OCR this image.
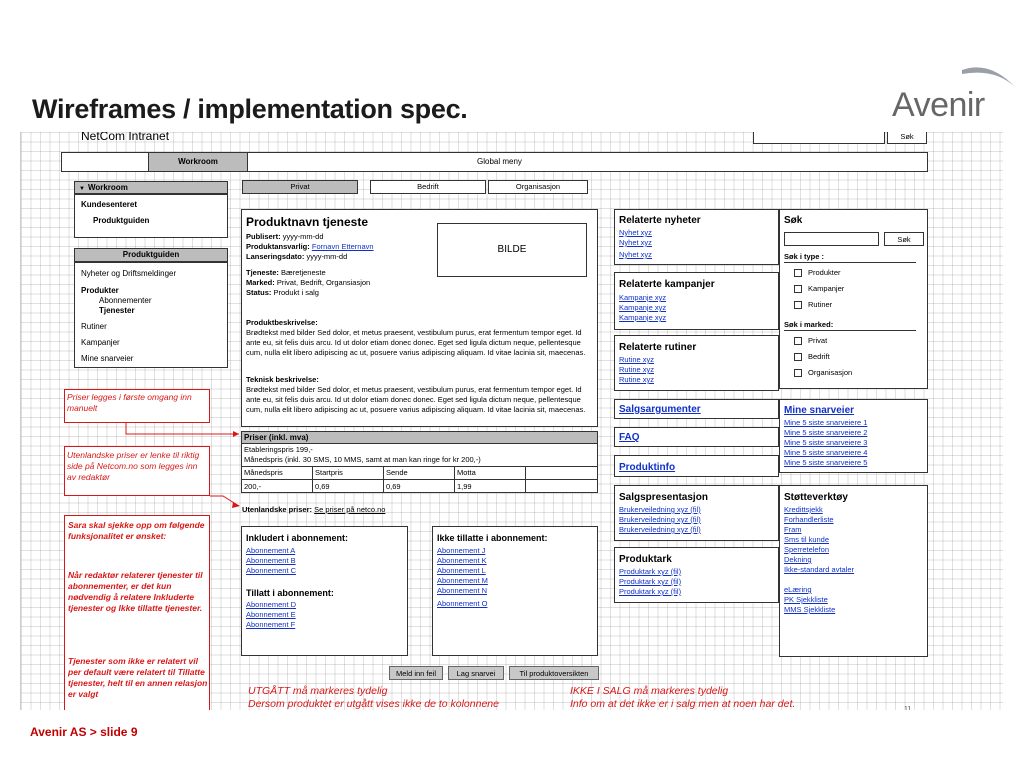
Wireframes / implementation spec.	Avenir
NetCom Intranet	Søk
Workroom	Global meny
Privat	Bedrift	Organisasjon
▼ Workroom
Kundesenteret
Produktguiden
Produktguiden
Nyheter og Driftsmeldinger
Produkter
Abonnementer
Tjenester
Rutiner
Kampanjer
Mine snarveier
Produktnavn tjeneste
Publisert: yyyy-mm-dd
Produktansvarlig: Fornavn Etternavn
Lanseringsdato: yyyy-mm-dd
BILDE
Tjeneste: Bæretjeneste
Marked: Privat, Bedrift, Organsiasjon
Status: Produkt i salg
Produktbeskrivelse:
Brødtekst med bilder Sed dolor, et metus praesent, vestibulum purus, erat fermentum tempor eget. Id ante eu, sit felis duis arcu. Id ut dolor etiam donec donec. Eget sed ligula dictum neque, pellentesque cum, nulla elit libero adipiscing ac ut, posuere varius adipiscing aliquam. Id vitae lacinia sit, maecenas.
Teknisk beskrivelse:
Brødtekst med bilder Sed dolor, et metus praesent, vestibulum purus, erat fermentum tempor eget. Id ante eu, sit felis duis arcu. Id ut dolor etiam donec donec. Eget sed ligula dictum neque, pellentesque cum, nulla elit libero adipiscing ac ut, posuere varius adipiscing aliquam. Id vitae lacinia sit, maecenas.
Priser (inkl. mva)
Etableringspris 199,-
Månedspris (inkl. 30 SMS, 10 MMS, samt at man kan ringe for kr 200,-)
Månedspris	Startpris	Sende	Motta
200,-	0,69	0,69	1,99
Utenlandske priser: Se priser på netco.no
Inkludert i abonnement:
Abonnement A
Abonnement B
Abonnement C
Tillatt i abonnement:
Abonnement D
Abonnement E
Abonnement F
Ikke tillatte i abonnement:
Abonnement J
Abonnement K
Abonnement L
Abonnement M
Abonnement N
Abonnement O
Meld inn feil	Lag snarvei	Til produktoversikten
Relaterte nyheter
Nyhet xyz
Nyhet xyz
Nyhet xyz
Relaterte kampanjer
Kampanje xyz
Kampanje xyz
Kampanje xyz
Relaterte rutiner
Rutine xyz
Rutine xyz
Rutine xyz
Salgsargumenter
FAQ
Produktinfo
Salgspresentasjon
Brukerveiledning xyz (fil)
Brukerveiledning xyz (fil)
Brukerveiledning xyz (fil)
Produktark
Produktark xyz (fil)
Produktark xyz (fil)
Produktark xyz (fil)
Søk
Søk
Søk i type :
Produkter
Kampanjer
Rutiner
Søk i marked:
Privat
Bedrift
Organisasjon
Mine snarveier
Mine 5 siste snarveiere 1
Mine 5 siste snarveiere 2
Mine 5 siste snarveiere 3
Mine 5 siste snarveiere 4
Mine 5 siste snarveiere 5
Støtteverktøy
Kredittsjekk
Forhandlerliste
Fram
Sms til kunde
Sperretelefon
Dekning
Ikke-standard avtaler
eLæring
PK Sjekkliste
MMS Sjekkliste
Priser legges i første omgang inn manuelt
Utenlandske priser er lenke til riktig side på Netcom.no som legges inn av redaktør
Sara skal sjekke opp om følgende funksjonalitet er ønsket:
Når redaktør relaterer tjenester til abonnementer, er det kun nødvendig å relatere Inkluderte tjenester og Ikke tillatte tjenester.
Tjenester som ikke er relatert vil per default være relatert til Tillatte tjenester, helt til en annen relasjon er valgt	UTGÅTT må markeres tydelig
Dersom produktet er utgått vises ikke de to kolonnene
IKKE I SALG må markeres tydelig
Info om at det ikke er i salg men at noen har det.	11
Avenir AS > slide 9
